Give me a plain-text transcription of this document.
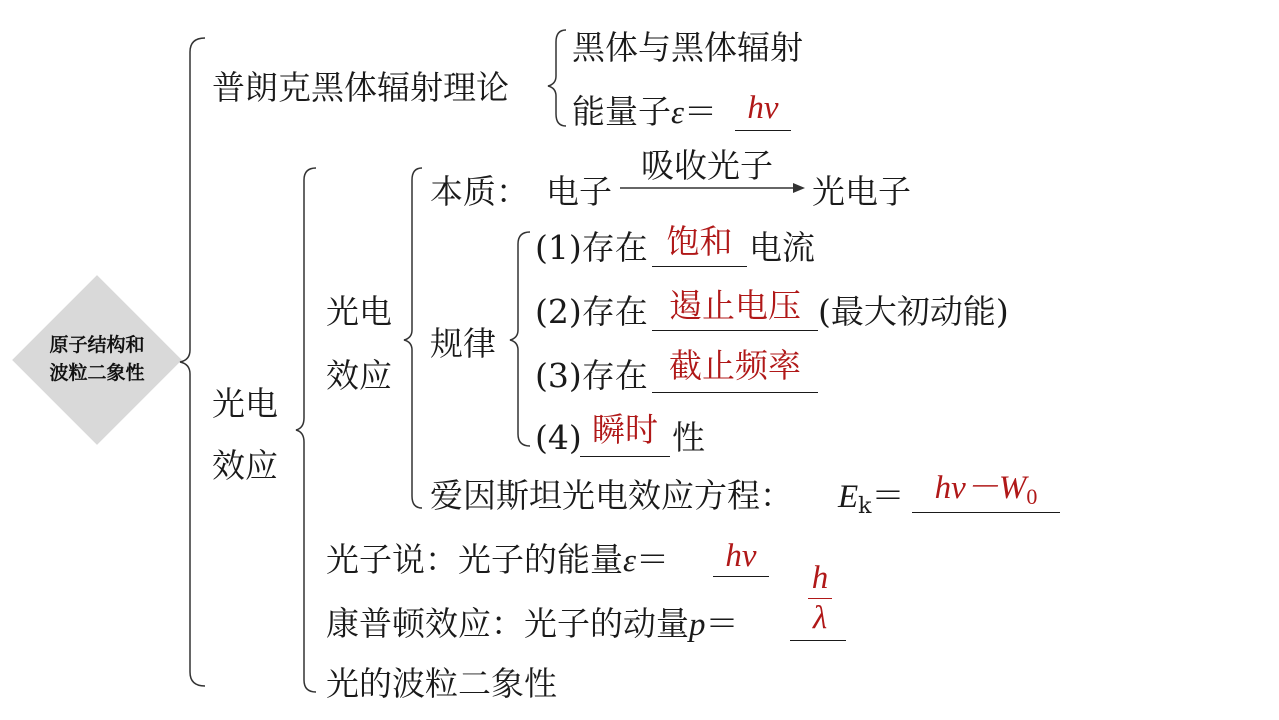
原子结构和
波粒二象性
普朗克黑体辐射理论
黑体与黑体辐射
能量子ε＝ hν
光电
效应
光电
效应
本质： 电子
吸收光子
光电子
规律
(1)存在 饱和 电流
(2)存在 遏止电压 (最大初动能)
(3)存在 截止频率
(4) 瞬时 性
爱因斯坦光电效应方程： $E_k= h\nu-W_0$
光子说：光子的能量ε＝	hν
康普顿效应：光子的动量p＝
h
λ
光的波粒二象性
